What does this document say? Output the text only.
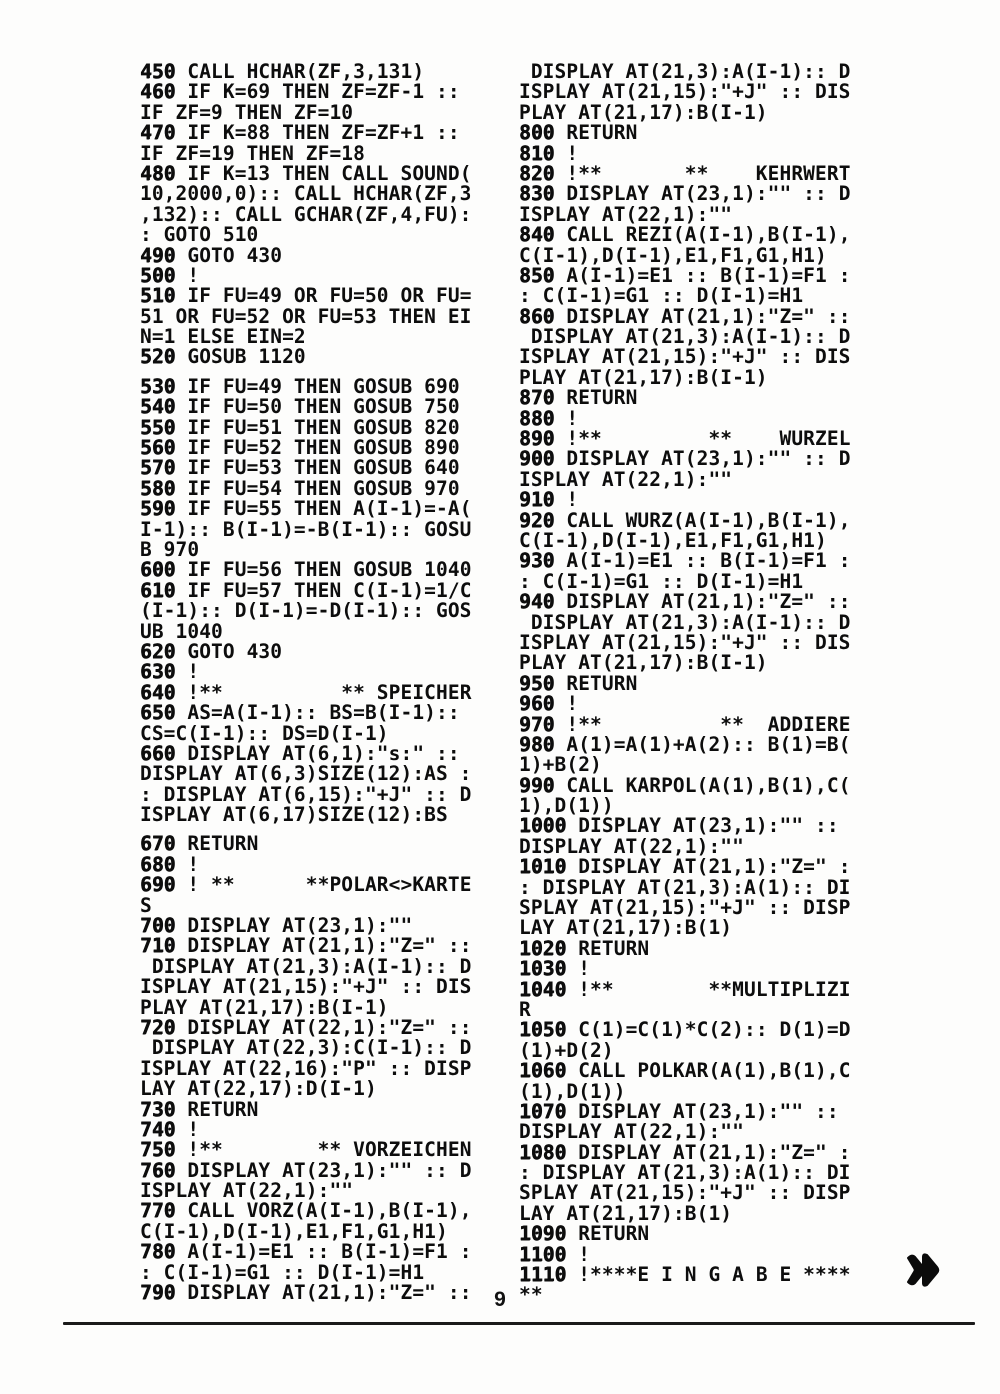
450 CALL HCHAR(ZF,3,131)
460 IF K=69 THEN ZF=ZF-1 ::
IF ZF=9 THEN ZF=10
470 IF K=88 THEN ZF=ZF+1 ::
IF ZF=19 THEN ZF=18
480 IF K=13 THEN CALL SOUND(
10,2000,0):: CALL HCHAR(ZF,3
,132):: CALL GCHAR(ZF,4,FU):
: GOTO 510
490 GOTO 430
500 !
510 IF FU=49 OR FU=50 OR FU=
51 OR FU=52 OR FU=53 THEN EI
N=1 ELSE EIN=2
520 GOSUB 1120
530 IF FU=49 THEN GOSUB 690
540 IF FU=50 THEN GOSUB 750
550 IF FU=51 THEN GOSUB 820
560 IF FU=52 THEN GOSUB 890
570 IF FU=53 THEN GOSUB 640
580 IF FU=54 THEN GOSUB 970
590 IF FU=55 THEN A(I-1)=-A(
I-1):: B(I-1)=-B(I-1):: GOSU
B 970
600 IF FU=56 THEN GOSUB 1040
610 IF FU=57 THEN C(I-1)=1/C
(I-1):: D(I-1)=-D(I-1):: GOS
UB 1040
620 GOTO 430
630 !
640 !**          ** SPEICHER
650 AS=A(I-1):: BS=B(I-1)::
CS=C(I-1):: DS=D(I-1)
660 DISPLAY AT(6,1):"s:" ::
DISPLAY AT(6,3)SIZE(12):AS :
: DISPLAY AT(6,15):"+J" :: D
ISPLAY AT(6,17)SIZE(12):BS
670 RETURN
680 !
690 ! **      **POLAR<>KARTE
S
700 DISPLAY AT(23,1):""
710 DISPLAY AT(21,1):"Z=" ::
DISPLAY AT(21,3):A(I-1):: D
ISPLAY AT(21,15):"+J" :: DIS
PLAY AT(21,17):B(I-1)
720 DISPLAY AT(22,1):"Z=" ::
DISPLAY AT(22,3):C(I-1):: D
ISPLAY AT(22,16):"P" :: DISP
LAY AT(22,17):D(I-1)
730 RETURN
740 !
750 !**        ** VORZEICHEN
760 DISPLAY AT(23,1):"" :: D
ISPLAY AT(22,1):""
770 CALL VORZ(A(I-1),B(I-1),
C(I-1),D(I-1),E1,F1,G1,H1)
780 A(I-1)=E1 :: B(I-1)=F1 :
: C(I-1)=G1 :: D(I-1)=H1
790 DISPLAY AT(21,1):"Z=" ::
DISPLAY AT(21,3):A(I-1):: D
ISPLAY AT(21,15):"+J" :: DIS
PLAY AT(21,17):B(I-1)
800 RETURN
810 !
820 !**       **    KEHRWERT
830 DISPLAY AT(23,1):"" :: D
ISPLAY AT(22,1):""
840 CALL REZI(A(I-1),B(I-1),
C(I-1),D(I-1),E1,F1,G1,H1)
850 A(I-1)=E1 :: B(I-1)=F1 :
: C(I-1)=G1 :: D(I-1)=H1
860 DISPLAY AT(21,1):"Z=" ::
DISPLAY AT(21,3):A(I-1):: D
ISPLAY AT(21,15):"+J" :: DIS
PLAY AT(21,17):B(I-1)
870 RETURN
880 !
890 !**         **    WURZEL
900 DISPLAY AT(23,1):"" :: D
ISPLAY AT(22,1):""
910 !
920 CALL WURZ(A(I-1),B(I-1),
C(I-1),D(I-1),E1,F1,G1,H1)
930 A(I-1)=E1 :: B(I-1)=F1 :
: C(I-1)=G1 :: D(I-1)=H1
940 DISPLAY AT(21,1):"Z=" ::
DISPLAY AT(21,3):A(I-1):: D
ISPLAY AT(21,15):"+J" :: DIS
PLAY AT(21,17):B(I-1)
950 RETURN
960 !
970 !**          **  ADDIERE
980 A(1)=A(1)+A(2):: B(1)=B(
1)+B(2)
990 CALL KARPOL(A(1),B(1),C(
1),D(1))
1000 DISPLAY AT(23,1):"" ::
DISPLAY AT(22,1):""
1010 DISPLAY AT(21,1):"Z=" :
: DISPLAY AT(21,3):A(1):: DI
SPLAY AT(21,15):"+J" :: DISP
LAY AT(21,17):B(1)
1020 RETURN
1030 !
1040 !**        **MULTIPLIZI
R
1050 C(1)=C(1)*C(2):: D(1)=D
(1)+D(2)
1060 CALL POLKAR(A(1),B(1),C
(1),D(1))
1070 DISPLAY AT(23,1):"" ::
DISPLAY AT(22,1):""
1080 DISPLAY AT(21,1):"Z=" :
: DISPLAY AT(21,3):A(1):: DI
SPLAY AT(21,15):"+J" :: DISP
LAY AT(21,17):B(1)
1090 RETURN
1100 !
1110 !****E I N G A B E ****
**
9
